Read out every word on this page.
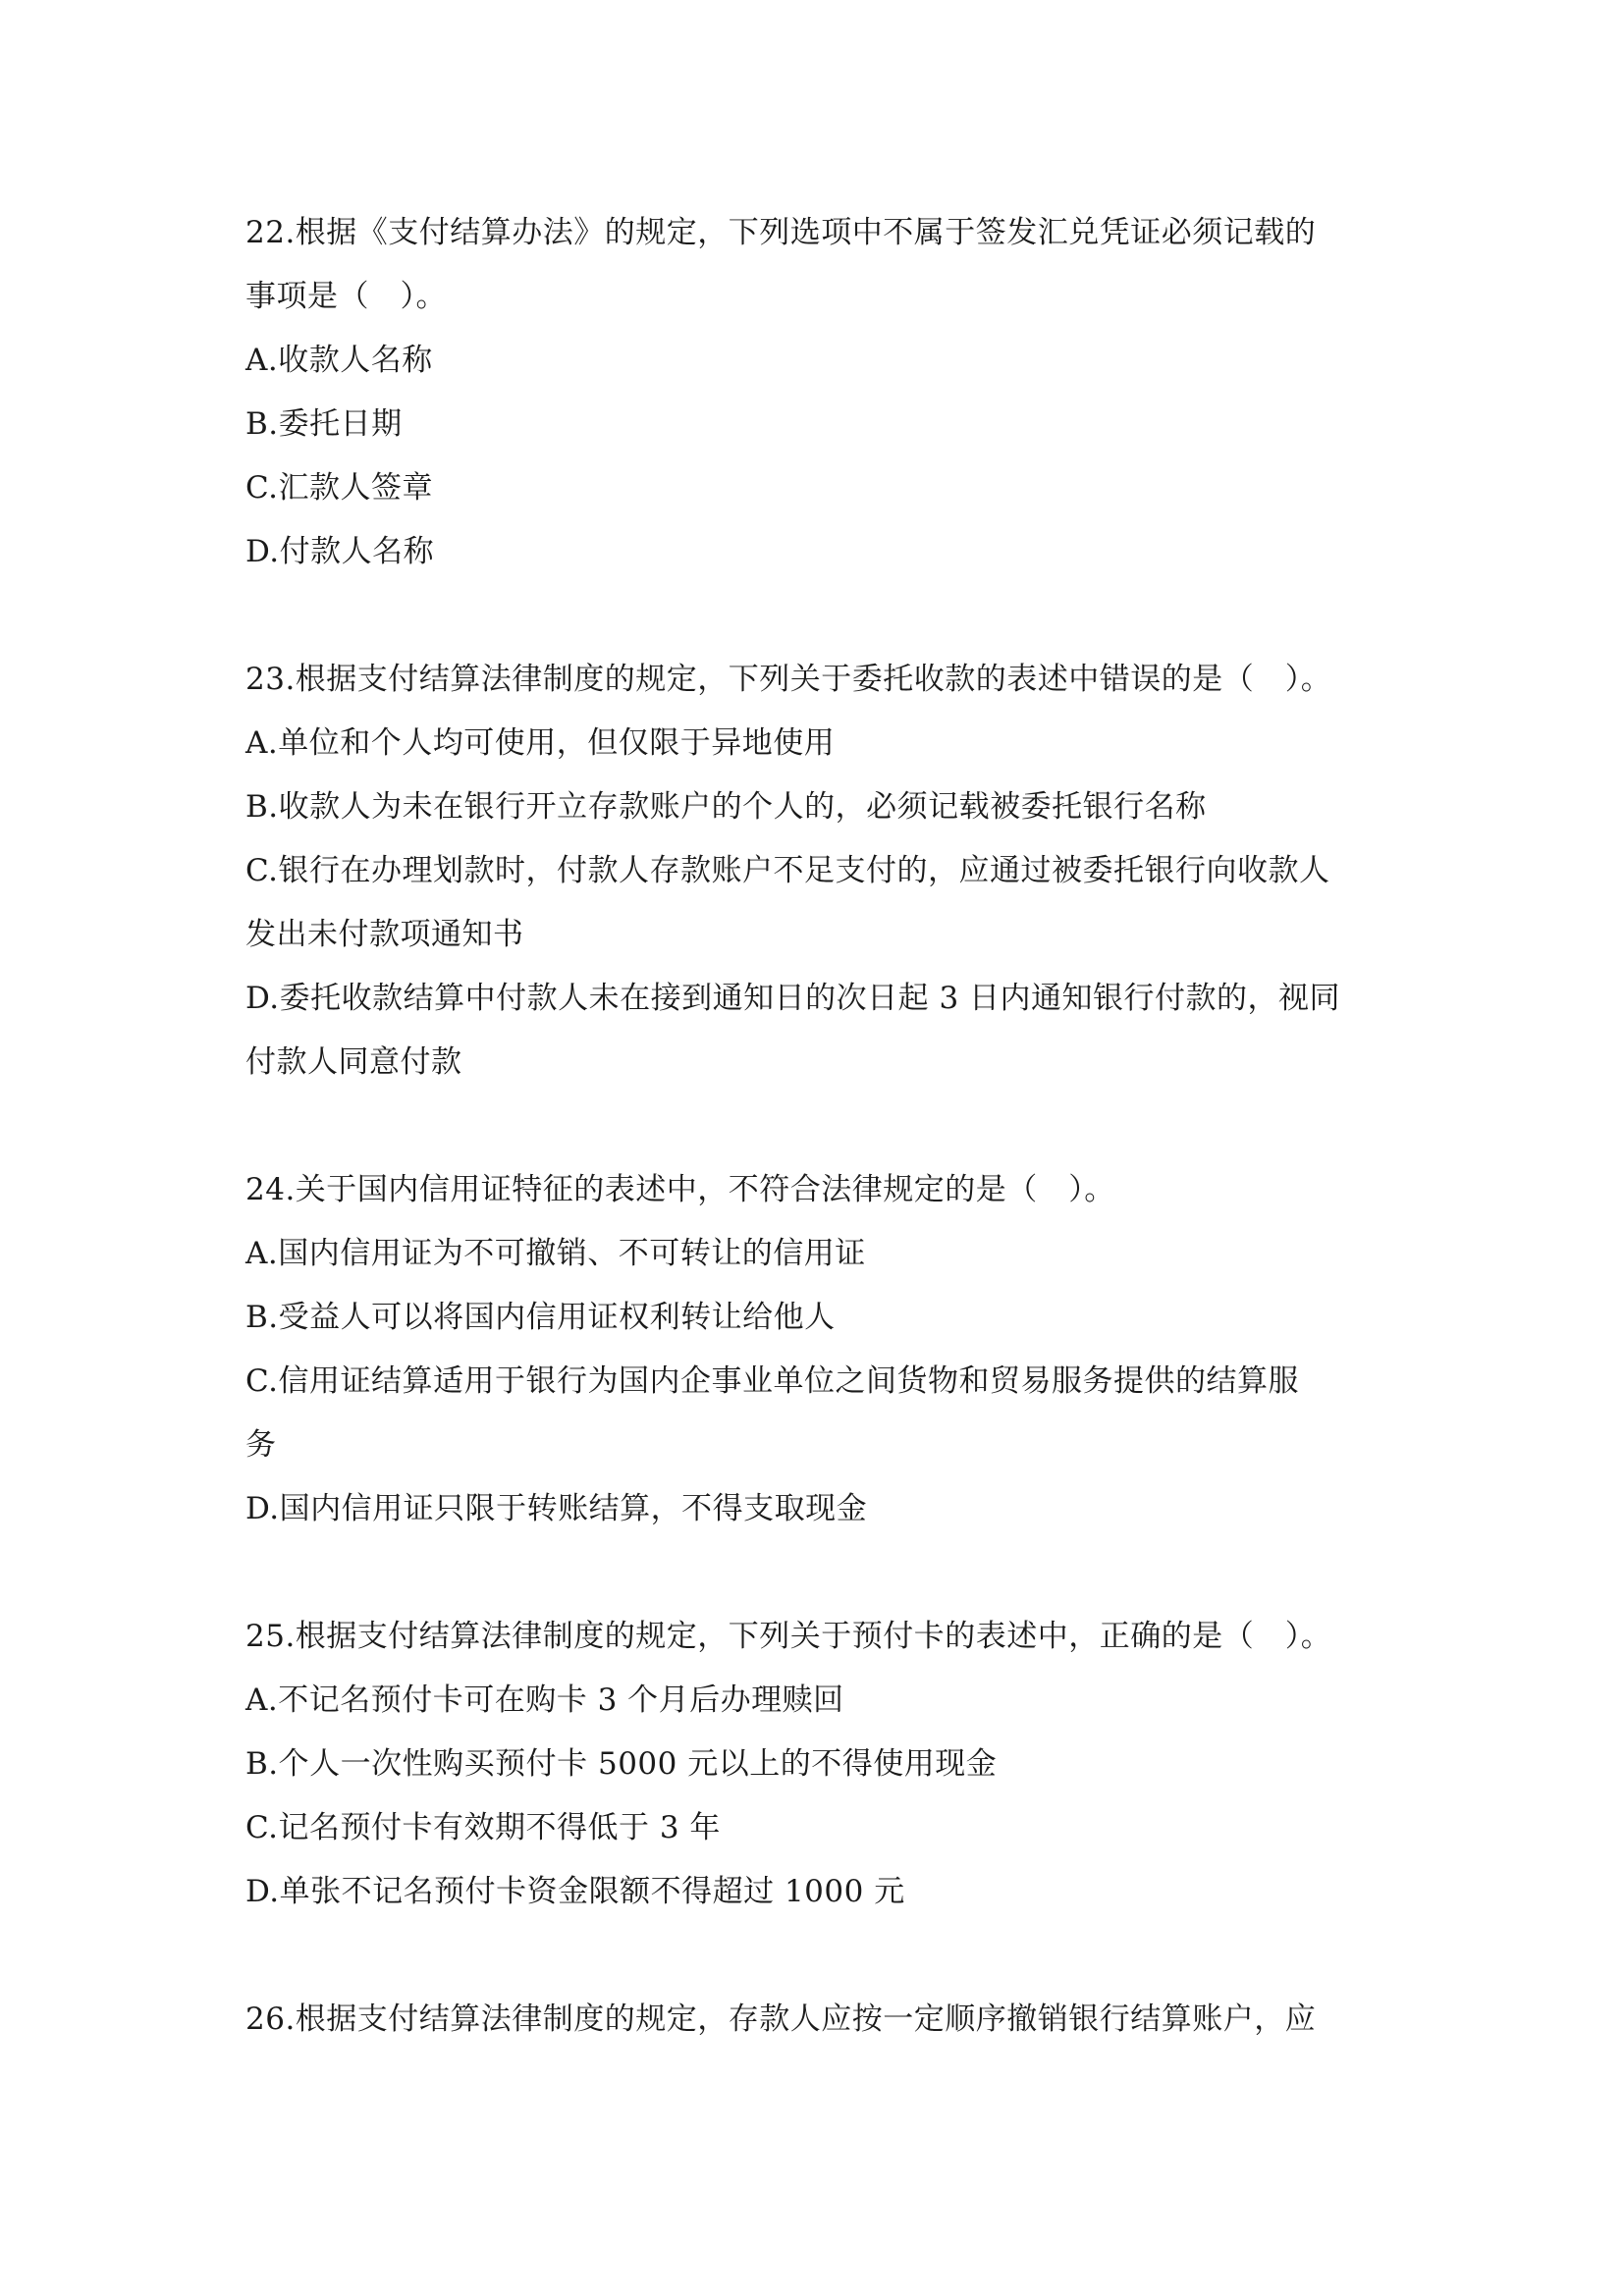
22.根据《支付结算办法》的规定，下列选项中不属于签发汇兑凭证必须记载的
事项是（　）。
A.收款人名称
B.委托日期
C.汇款人签章
D.付款人名称
23.根据支付结算法律制度的规定，下列关于委托收款的表述中错误的是（　）。
A.单位和个人均可使用，但仅限于异地使用
B.收款人为未在银行开立存款账户的个人的，必须记载被委托银行名称
C.银行在办理划款时，付款人存款账户不足支付的，应通过被委托银行向收款人
发出未付款项通知书
D.委托收款结算中付款人未在接到通知日的次日起 3 日内通知银行付款的，视同
付款人同意付款
24.关于国内信用证特征的表述中，不符合法律规定的是（　）。
A.国内信用证为不可撤销、不可转让的信用证
B.受益人可以将国内信用证权利转让给他人
C.信用证结算适用于银行为国内企事业单位之间货物和贸易服务提供的结算服
务
D.国内信用证只限于转账结算，不得支取现金
25.根据支付结算法律制度的规定，下列关于预付卡的表述中，正确的是（　）。
A.不记名预付卡可在购卡 3 个月后办理赎回
B.个人一次性购买预付卡 5000 元以上的不得使用现金
C.记名预付卡有效期不得低于 3 年
D.单张不记名预付卡资金限额不得超过 1000 元
26.根据支付结算法律制度的规定，存款人应按一定顺序撤销银行结算账户，应
